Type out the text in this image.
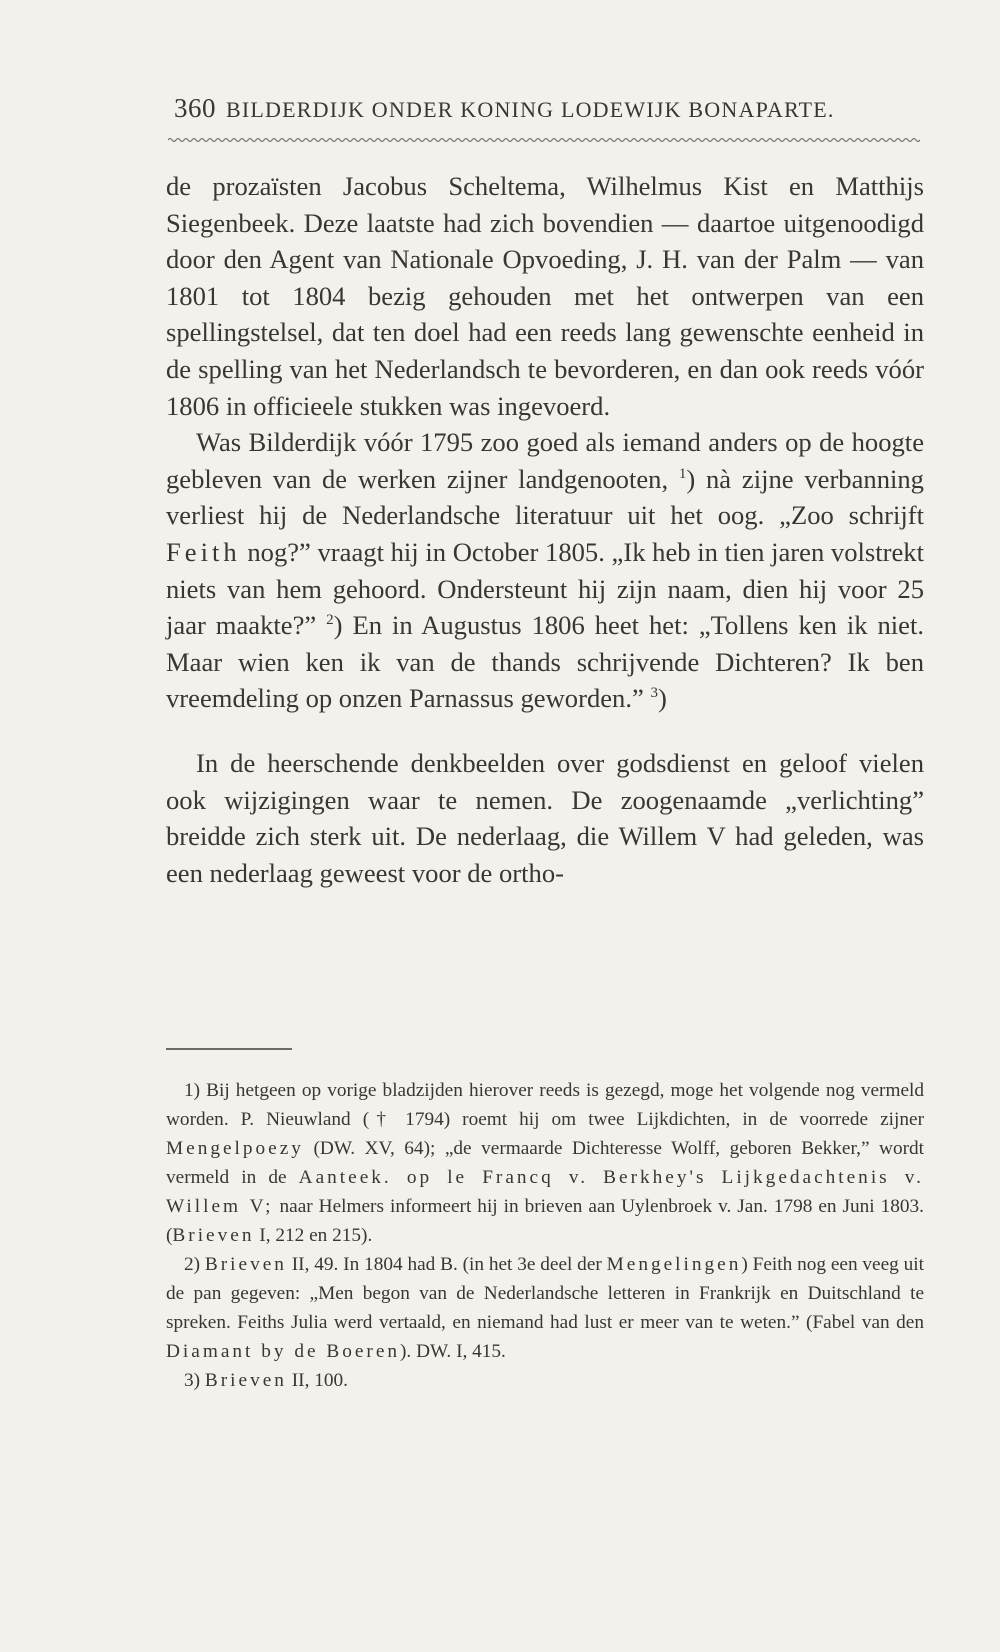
360 BILDERDIJK ONDER KONING LODEWIJK BONAPARTE.

de prozaïsten Jacobus Scheltema, Wilhelmus Kist en Matthijs Siegenbeek. Deze laatste had zich bovendien — daartoe uitgenoodigd door den Agent van Nationale Opvoeding, J. H. van der Palm — van 1801 tot 1804 bezig gehouden met het ontwerpen van een spellingstelsel, dat ten doel had een reeds lang gewenschte eenheid in de spelling van het Nederlandsch te bevorderen, en dan ook reeds vóór 1806 in officieele stukken was ingevoerd.

Was Bilderdijk vóór 1795 zoo goed als iemand anders op de hoogte gebleven van de werken zijner landgenooten, $^1$) nà zijne verbanning verliest hij de Nederlandsche literatuur uit het oog. „Zoo schrijft Feith nog?” vraagt hij in October 1805. „Ik heb in tien jaren volstrekt niets van hem gehoord. Ondersteunt hij zijn naam, dien hij voor 25 jaar maakte?” $^2$) En in Augustus 1806 heet het: „Tollens ken ik niet. Maar wien ken ik van de thands schrijvende Dichteren? Ik ben vreemdeling op onzen Parnassus geworden.” $^3$)

In de heerschende denkbeelden over godsdienst en geloof vielen ook wijzigingen waar te nemen. De zoogenaamde „verlichting” breidde zich sterk uit. De nederlaag, die Willem V had geleden, was een nederlaag geweest voor de ortho-

1) Bij hetgeen op vorige bladzijden hierover reeds is gezegd, moge het volgende nog vermeld worden. P. Nieuwland († 1794) roemt hij om twee Lijkdichten, in de voorrede zijner Mengelpoezy (DW. XV, 64); „de vermaarde Dichteresse Wolff, geboren Bekker,” wordt vermeld in de Aanteek. op le Francq v. Berkhey's Lijkgedachtenis v. Willem V; naar Helmers informeert hij in brieven aan Uylenbroek v. Jan. 1798 en Juni 1803. (Brieven I, 212 en 215).

2) Brieven II, 49. In 1804 had B. (in het 3e deel der Mengelingen) Feith nog een veeg uit de pan gegeven: „Men begon van de Nederlandsche letteren in Frankrijk en Duitschland te spreken. Feiths Julia werd vertaald, en niemand had lust er meer van te weten.” (Fabel van den Diamant by de Boeren). DW. I, 415.

3) Brieven II, 100.
